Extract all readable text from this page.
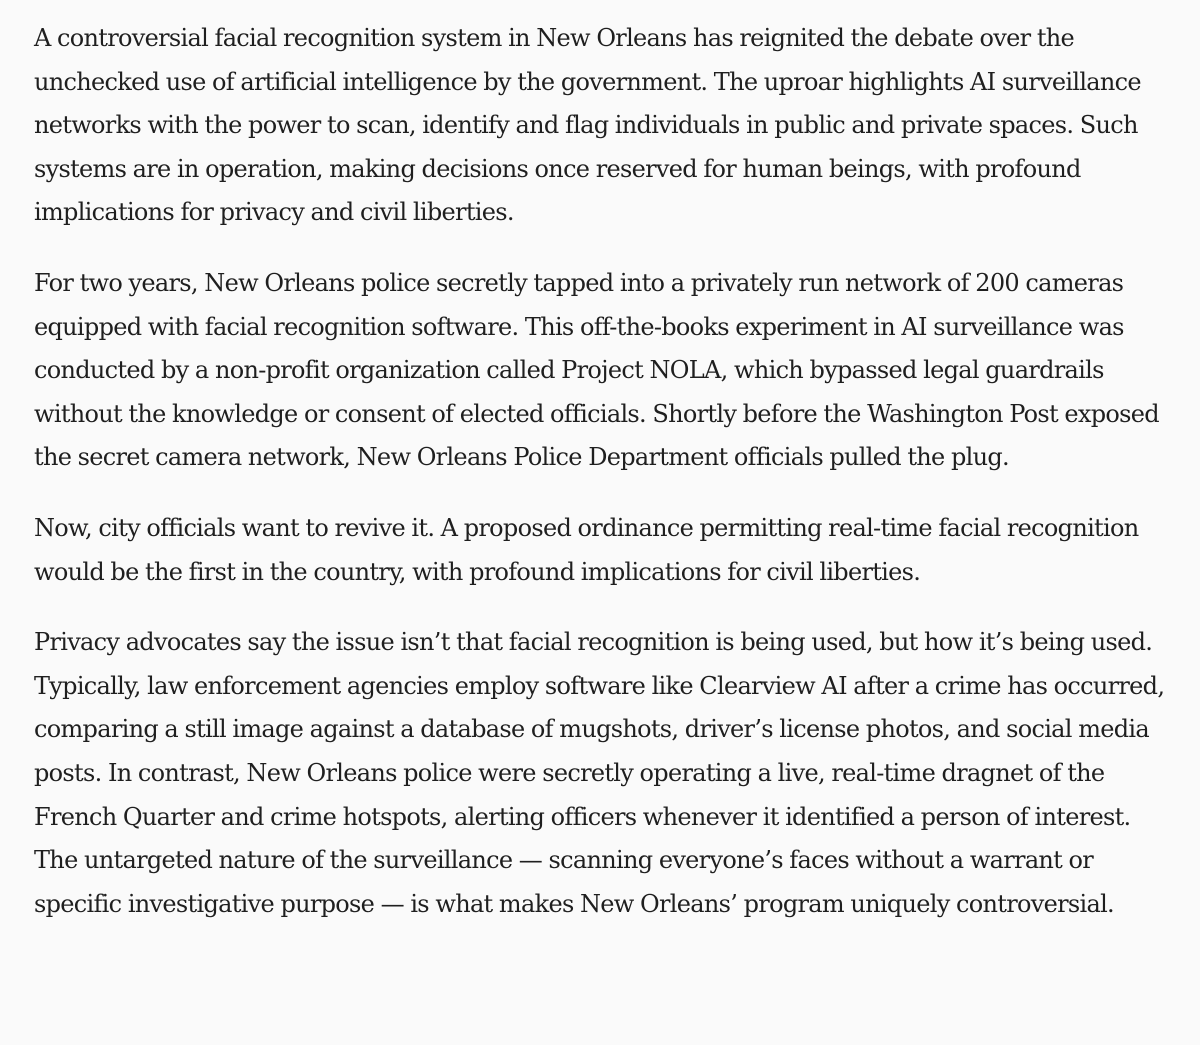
A controversial facial recognition system in New Orleans has reignited the debate over the unchecked use of artificial intelligence by the government. The uproar highlights AI surveillance networks with the power to scan, identify and flag individuals in public and private spaces. Such systems are in operation, making decisions once reserved for human beings, with profound implications for privacy and civil liberties.

For two years, New Orleans police secretly tapped into a privately run network of 200 cameras equipped with facial recognition software. This off-the-books experiment in AI surveillance was conducted by a non-profit organization called Project NOLA, which bypassed legal guardrails without the knowledge or consent of elected officials. Shortly before the Washington Post exposed the secret camera network, New Orleans Police Department officials pulled the plug.

Now, city officials want to revive it. A proposed ordinance permitting real-time facial recognition would be the first in the country, with profound implications for civil liberties.

Privacy advocates say the issue isn’t that facial recognition is being used, but how it’s being used. Typically, law enforcement agencies employ software like Clearview AI after a crime has occurred, comparing a still image against a database of mugshots, driver’s license photos, and social media posts. In contrast, New Orleans police were secretly operating a live, real-time dragnet of the French Quarter and crime hotspots, alerting officers whenever it identified a person of interest. The untargeted nature of the surveillance — scanning everyone’s faces without a warrant or specific investigative purpose — is what makes New Orleans’ program uniquely controversial.
